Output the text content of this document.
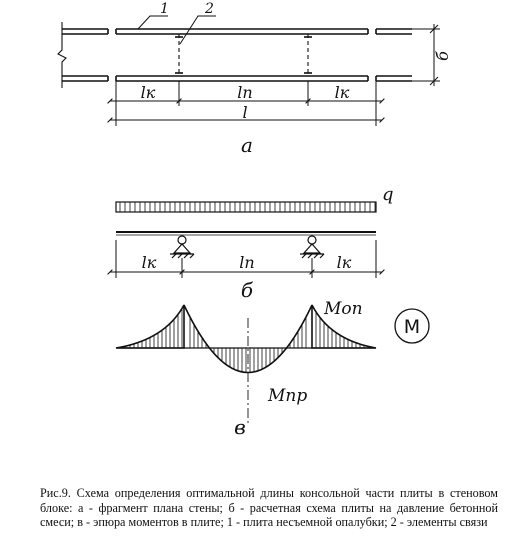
1	2
б
lк	lп	lк
l
а
q
lк	lп	lк
б
Mоп
Mпр
M
в

Рис.9. Схема определения оптимальной длины консольной части плиты в стеновом блоке: а - фрагмент плана стены; б - расчетная схема плиты на давление бетонной смеси; в - эпюра моментов в плите; 1 - плита несъемной опалубки; 2 - элементы связи
